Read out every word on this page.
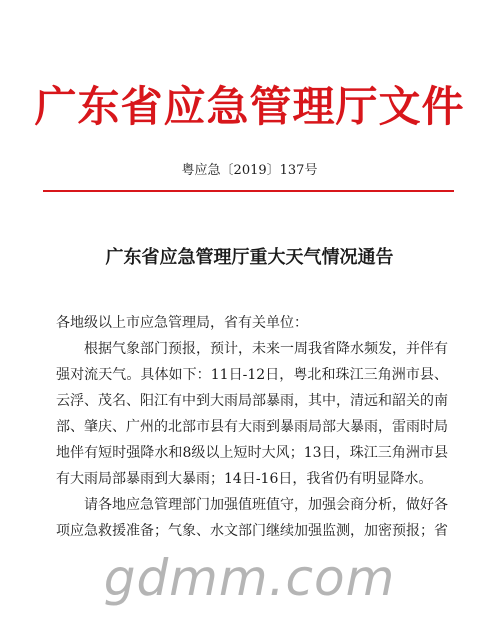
广东省应急管理厅文件
粤应急〔2019〕137号
广东省应急管理厅重大天气情况通告

各地级以上市应急管理局，省有关单位：

根据气象部门预报，预计，未来一周我省降水频发，并伴有强对流天气。具体如下：11日-12日，粤北和珠江三角洲市县、云浮、茂名、阳江有中到大雨局部暴雨，其中，清远和韶关的南部、肇庆、广州的北部市县有大雨到暴雨局部大暴雨，雷雨时局地伴有短时强降水和8级以上短时大风；13日，珠江三角洲市县有大雨局部暴雨到大暴雨；14日-16日，我省仍有明显降水。

请各地应急管理部门加强值班值守，加强会商分析，做好各项应急救援准备；气象、水文部门继续加强监测，加密预报；省

gdmm.com
